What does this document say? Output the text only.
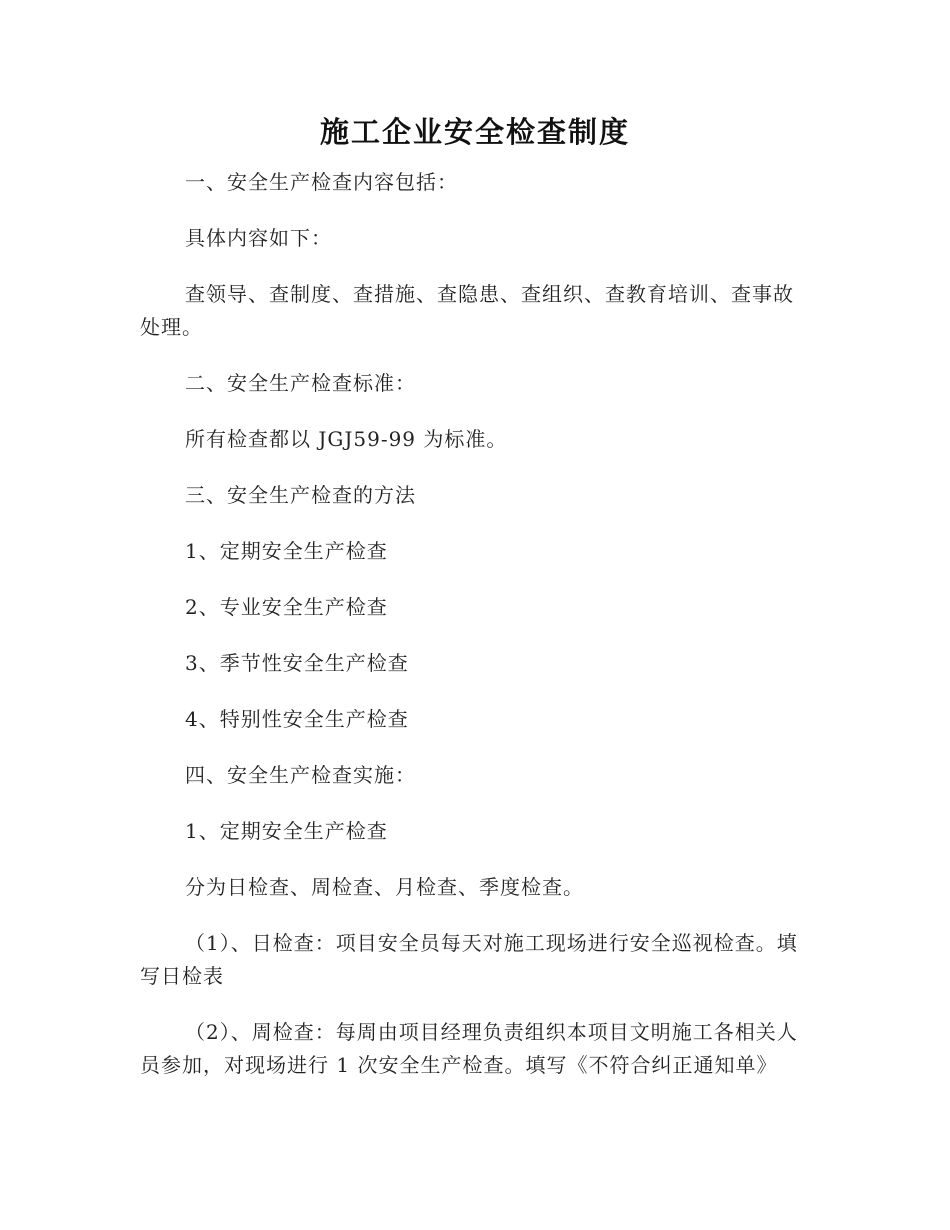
施工企业安全检查制度

一、安全生产检查内容包括：

具体内容如下：

查领导、查制度、查措施、查隐患、查组织、查教育培训、查事故处理。

二、安全生产检查标准：

所有检查都以 JGJ59-99 为标准。

三、安全生产检查的方法

1、定期安全生产检查

2、专业安全生产检查

3、季节性安全生产检查

4、特别性安全生产检查

四、安全生产检查实施：

1、定期安全生产检查

分为日检查、周检查、月检查、季度检查。

（1）、日检查：项目安全员每天对施工现场进行安全巡视检查。填写日检表

（2）、周检查：每周由项目经理负责组织本项目文明施工各相关人员参加，对现场进行 1 次安全生产检查。填写《不符合纠正通知单》
